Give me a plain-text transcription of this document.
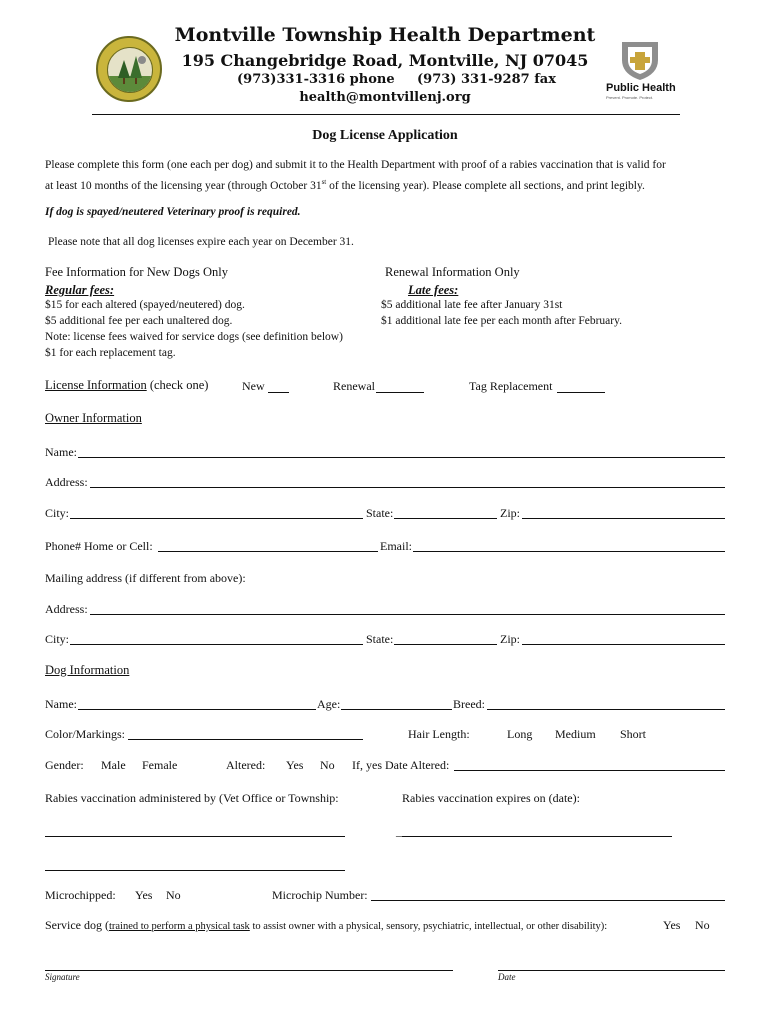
Montville Township Health Department
195 Changebridge Road, Montville, NJ 07045
(973)331-3316 phone (973) 331-9287 fax
health@montvillenj.org
Public Health
Prevent. Promote. Protect.
Dog License Application
Please complete this form (one each per dog) and submit it to the Health Department with proof of a rabies vaccination that is valid for
at least 10 months of the licensing year (through October 31st of the licensing year). Please complete all sections, and print legibly.
If dog is spayed/neutered Veterinary proof is required.
Please note that all dog licenses expire each year on December 31.
Fee Information for New Dogs Only
Regular fees:
$15 for each altered (spayed/neutered) dog.
$5 additional fee per each unaltered dog.
Note: license fees waived for service dogs (see definition below)
$1 for each replacement tag.
Renewal Information Only
Late fees:
$5 additional late fee after January 31st
$1 additional late fee per each month after February.
License Information (check one)	New	Renewal	Tag Replacement
Owner Information
Name:
Address:
City:	State:	Zip:
Phone# Home or Cell:	Email:
Mailing address (if different from above):
Address:
City:	State:	Zip:
Dog Information
Name:	Age:	Breed:
Color/Markings:	Hair Length:	Long Medium Short
Gender: Male Female	Altered: Yes No If, yes Date Altered:
Rabies vaccination administered by (Vet Office or Township:	Rabies vaccination expires on (date):
_
Microchipped: Yes No	Microchip Number:
Service dog (trained to perform a physical task to assist owner with a physical, sensory, psychiatric, intellectual, or other disability):	Yes No
Signature	Date
